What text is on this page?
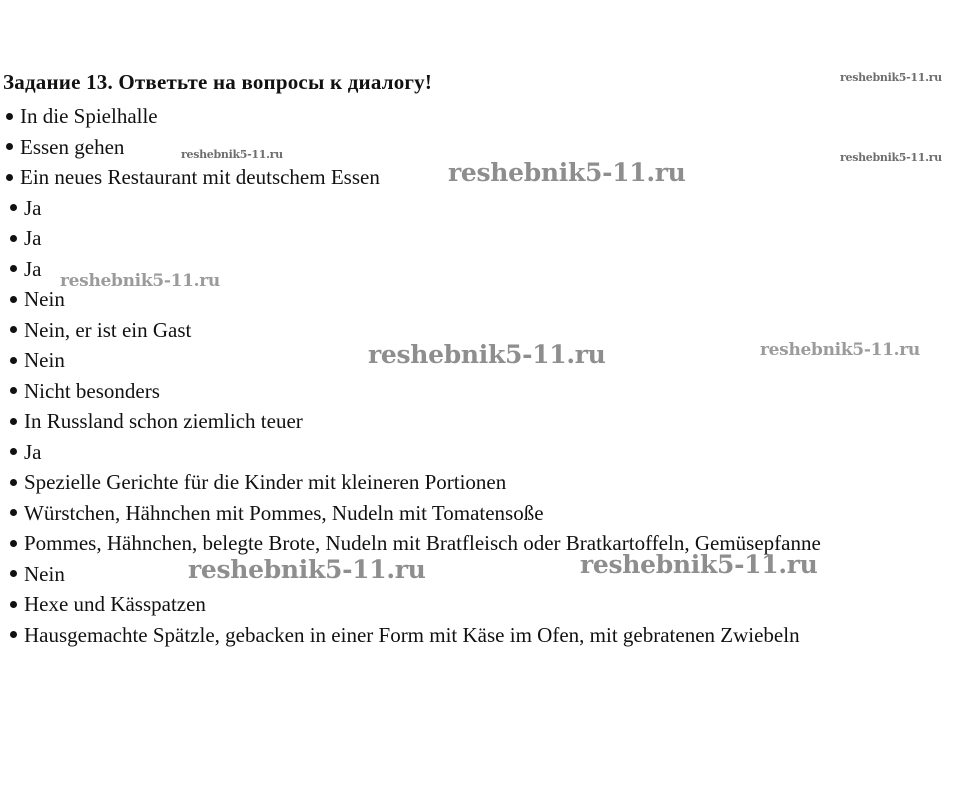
Задание 13. Ответьте на вопросы к диалогу!
In die Spielhalle
Essen gehen
Ein neues Restaurant mit deutschem Essen
Ja
Ja
Ja
Nein
Nein, er ist ein Gast
Nein
Nicht besonders
In Russland schon ziemlich teuer
Ja
Spezielle Gerichte für die Kinder mit kleineren Portionen
Würstchen, Hähnchen mit Pommes, Nudeln mit Tomatensoße
Pommes, Hähnchen, belegte Brote, Nudeln mit Bratfleisch oder Bratkartoffeln, Gemüsepfanne
Nein
Hexe und Kässpatzen
Hausgemachte Spätzle, gebacken in einer Form mit Käse im Ofen, mit gebratenen Zwiebeln
reshebnik5-11.ru
reshebnik5-11.ru	reshebnik5-11.ru
reshebnik5-11.ru
reshebnik5-11.ru
reshebnik5-11.ru	reshebnik5-11.ru
reshebnik5-11.ru	reshebnik5-11.ru
